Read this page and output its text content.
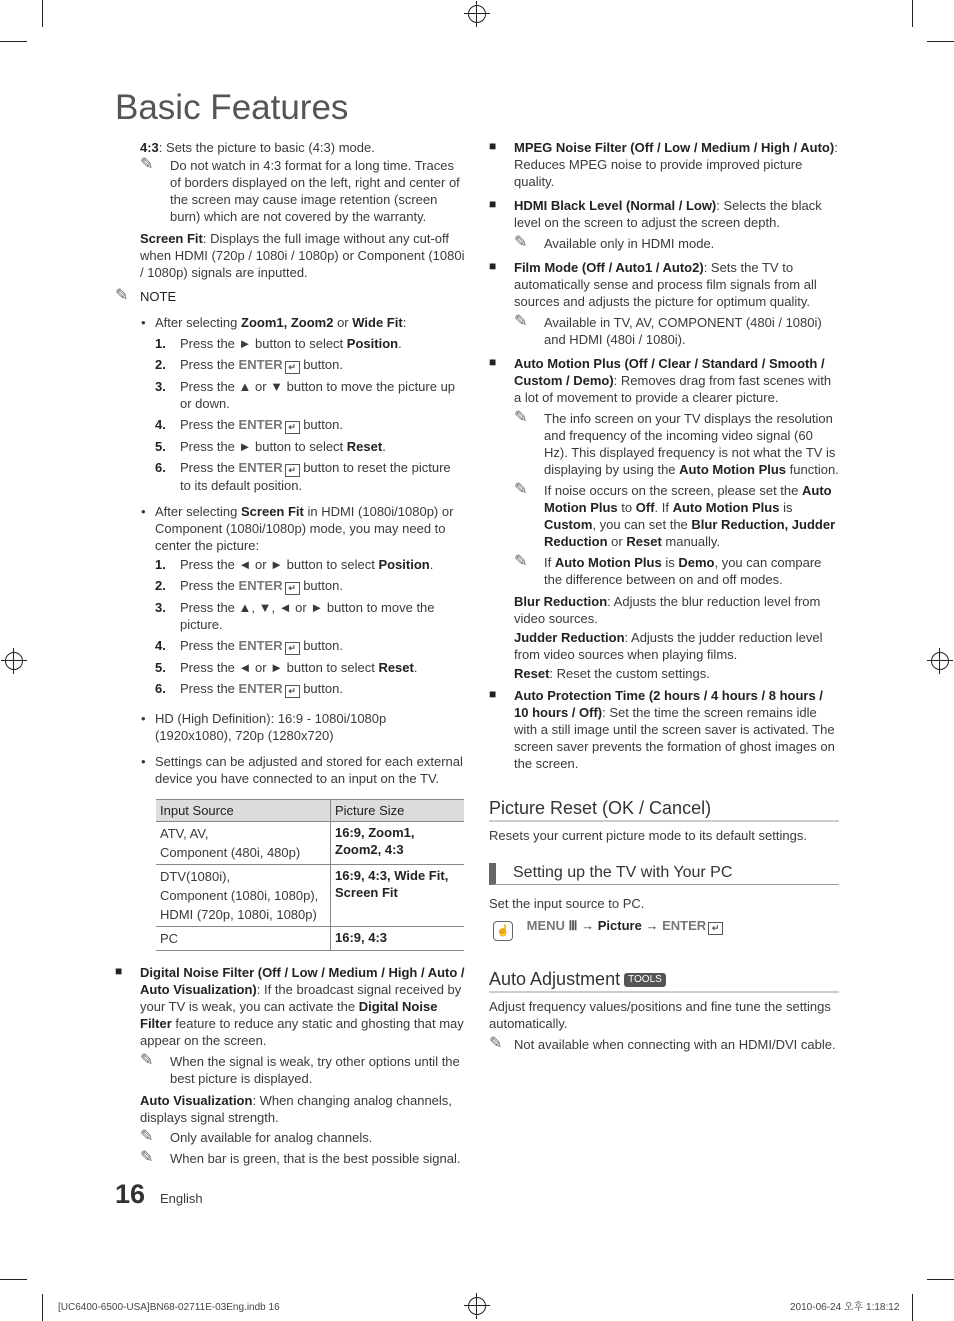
Basic Features

4:3: Sets the picture to basic (4:3) mode.

✎ Do not watch in 4:3 format for a long time. Traces of borders displayed on the left, right and center of the screen may cause image retention (screen burn) which are not covered by the warranty.

Screen Fit: Displays the full image without any cut-off when HDMI (720p / 1080i / 1080p) or Component (1080i / 1080p) signals are inputted.

✎ NOTE
• After selecting Zoom1, Zoom2 or Wide Fit:
1. Press the ► button to select Position.
2. Press the ENTER ↵ button.
3. Press the ▲ or ▼ button to move the picture up or down.
4. Press the ENTER ↵ button.
5. Press the ► button to select Reset.
6. Press the ENTER ↵ button to reset the picture to its default position.
• After selecting Screen Fit in HDMI (1080i/1080p) or Component (1080i/1080p) mode, you may need to center the picture:
1. Press the ◄ or ► button to select Position.
2. Press the ENTER ↵ button.
3. Press the ▲, ▼, ◄ or ► button to move the picture.
4. Press the ENTER ↵ button.
5. Press the ◄ or ► button to select Reset.
6. Press the ENTER ↵ button.
• HD (High Definition): 16:9 - 1080i/1080p (1920x1080), 720p (1280x720)
• Settings can be adjusted and stored for each external device you have connected to an input on the TV.
Input Source	Picture Size

ATV, AV,
Component (480i, 480p)	16:9, Zoom1, Zoom2, 4:3

DTV(1080i),
Component (1080i, 1080p),
HDMI (720p, 1080i, 1080p)	16:9, 4:3, Wide Fit, Screen Fit
PC	16:9, 4:3
■ Digital Noise Filter (Off / Low / Medium / High / Auto / Auto Visualization): If the broadcast signal received by your TV is weak, you can activate the Digital Noise Filter feature to reduce any static and ghosting that may appear on the screen.
✎ When the signal is weak, try other options until the best picture is displayed.

Auto Visualization: When changing analog channels, displays signal strength.

✎ Only available for analog channels.
✎ When bar is green, that is the best possible signal.
■ MPEG Noise Filter (Off / Low / Medium / High / Auto): Reduces MPEG noise to provide improved picture quality.
■ HDMI Black Level (Normal / Low): Selects the black level on the screen to adjust the screen depth.
✎ Available only in HDMI mode.
■ Film Mode (Off / Auto1 / Auto2): Sets the TV to automatically sense and process film signals from all sources and adjusts the picture for optimum quality.
✎ Available in TV, AV, COMPONENT (480i / 1080i) and HDMI (480i / 1080i).
■ Auto Motion Plus (Off / Clear / Standard / Smooth / Custom / Demo): Removes drag from fast scenes with a lot of movement to provide a clearer picture.
✎ The info screen on your TV displays the resolution and frequency of the incoming video signal (60 Hz). This displayed frequency is not what the TV is displaying by using the Auto Motion Plus function.
✎ If noise occurs on the screen, please set the Auto Motion Plus to Off. If Auto Motion Plus is Custom, you can set the Blur Reduction, Judder Reduction or Reset manually.
✎ If Auto Motion Plus is Demo, you can compare the difference between on and off modes.

Blur Reduction: Adjusts the blur reduction level from video sources.

Judder Reduction: Adjusts the judder reduction level from video sources when playing films.

Reset: Reset the custom settings.

■ Auto Protection Time (2 hours / 4 hours / 8 hours / 10 hours / Off): Set the time the screen remains idle with a still image until the screen saver is activated. The screen saver prevents the formation of ghost images on the screen.
Picture Reset (OK / Cancel)

Resets your current picture mode to its default settings.

Setting up the TV with Your PC

Set the input source to PC.

☝ MENU Ⅲ → Picture → ENTER ↵
Auto Adjustment TOOLS

Adjust frequency values/positions and fine tune the settings automatically.

✎ Not available when connecting with an HDMI/DVI cable.
16 English
[UC6400-6500-USA]BN68-02711E-03Eng.indb 16	2010-06-24 오후 1:18:12
